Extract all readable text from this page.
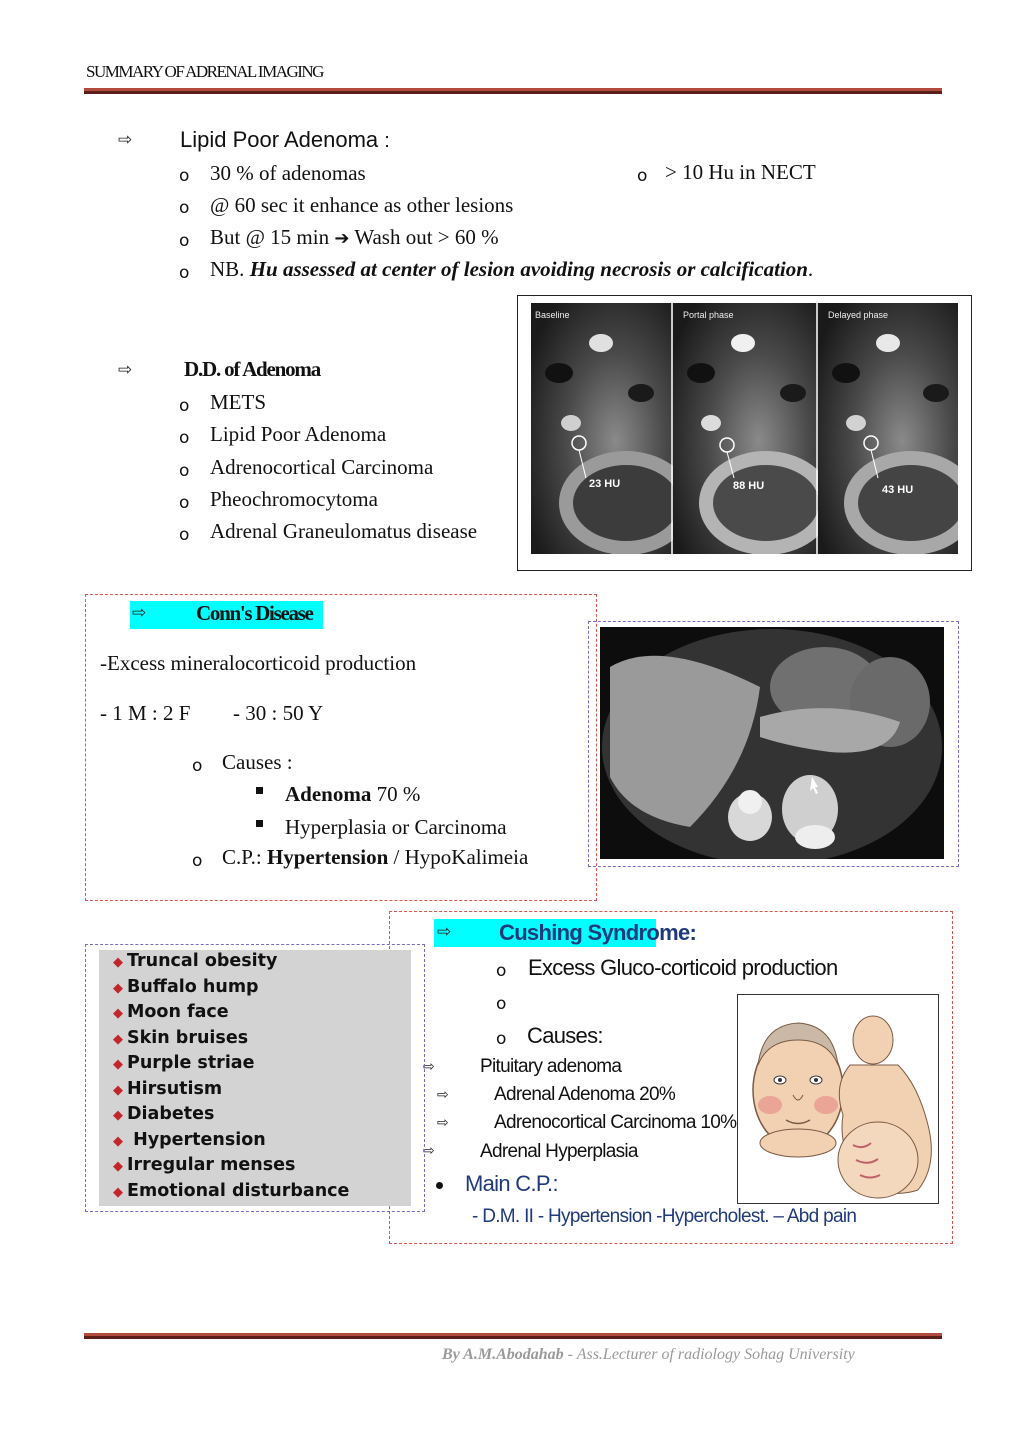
SUMMARY OF ADRENAL IMAGING
⇨ Lipid Poor Adenoma :
o 30 % of adenomas	o > 10 Hu in NECT
o @ 60 sec it enhance as other lesions
o But @ 15 min ➔ Wash out > 60 %
o NB. Hu assessed at center of lesion avoiding necrosis or calcification.
Baseline	Portal phase	Delayed phase
23 HU	88 HU	43 HU
⇨ D.D. of Adenoma
o METS
o Lipid Poor Adenoma
o Adrenocortical Carcinoma
o Pheochromocytoma
o Adrenal Graneulomatus disease
⇨ Conn's Disease
-Excess mineralocorticoid production
- 1 M : 2 F - 30 : 50 Y
o Causes :
Adenoma 70 %
Hyperplasia or Carcinoma
o C.P.: Hypertension / HypoKalimeia
⇨ Cushing Syndrome:
o Excess Gluco-corticoid production
o
o Causes:
⇨ Pituitary adenoma
⇨ Adrenal Adenoma 20%
⇨ Adrenocortical Carcinoma 10%
⇨ Adrenal Hyperplasia
Main C.P.:
- D.M. II - Hypertension -Hypercholest. – Abd pain
◆ Truncal obesity
◆ Buffalo hump
◆ Moon face
◆ Skin bruises
◆ Purple striae
◆ Hirsutism
◆ Diabetes
◆ Hypertension
◆ Irregular menses
◆ Emotional disturbance
By A.M.Abodahab - Ass.Lecturer of radiology Sohag University
